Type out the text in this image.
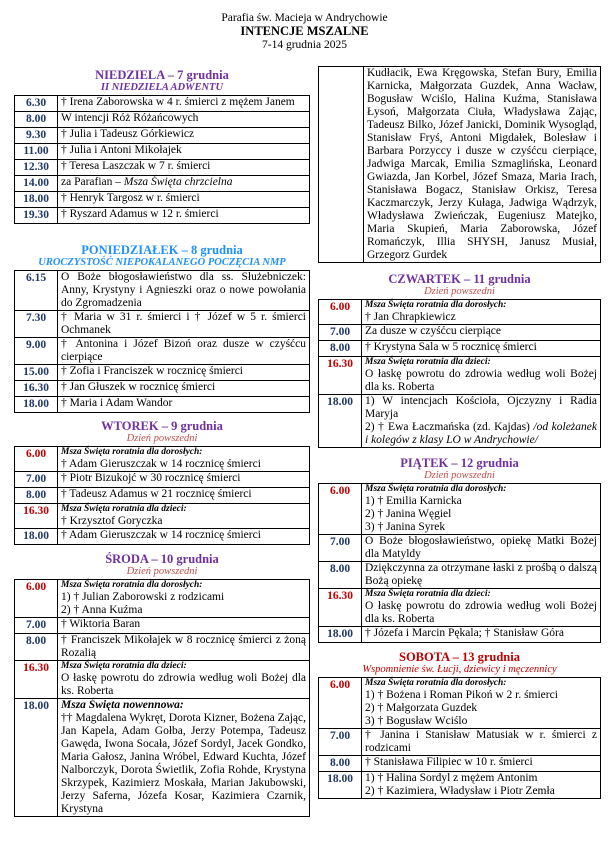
Parafia św. Macieja w Andrychowie
INTENCJE MSZALNE
7-14 grudnia 2025
NIEDZIELA – 7 grudnia
II NIEDZIELA ADWENTU
6.30	† Irena Zaborowska w 4 r. śmierci z mężem Janem
8.00	W intencji Róż Różańcowych
9.30	† Julia i Tadeusz Górkiewicz
11.00	† Julia i Antoni Mikołajek
12.30	† Teresa Laszczak w 7 r. śmierci
14.00	za Parafian – Msza Święta chrzcielna
18.00	† Henryk Targosz w r. śmierci
19.30	† Ryszard Adamus w 12 r. śmierci
PONIEDZIAŁEK – 8 grudnia
UROCZYSTOŚĆ NIEPOKALANEGO POCZĘCIA NMP
6.15	O Boże błogosławieństwo dla ss. Służebniczek: Anny, Krystyny i Agnieszki oraz o nowe powołania do Zgromadzenia
7.30	† Maria w 31 r. śmierci i † Józef w 5 r. śmierci Ochmanek
9.00	† Antonina i Józef Bizoń oraz dusze w czyśćcu cierpiące
15.00	† Zofia i Franciszek w rocznicę śmierci
16.30	† Jan Głuszek w rocznicę śmierci
18.00	† Maria i Adam Wandor
WTOREK – 9 grudnia
Dzień powszedni
6.00	Msza Święta roratnia dla dorosłych:
† Adam Gieruszczak w 14 rocznicę śmierci

7.00	† Piotr Bizukojć w 30 rocznicę śmierci
8.00	† Tadeusz Adamus w 21 rocznicę śmierci
16.30	Msza Święta roratnia dla dzieci:
† Krzysztof Goryczka

18.00	† Adam Gieruszczak w 14 rocznicę śmierci
ŚRODA – 10 grudnia
Dzień powszedni
6.00	Msza Święta roratnia dla dorosłych:
1) † Julian Zaborowski z rodzicami
2) † Anna Kuźma

7.00	† Wiktoria Baran
8.00	† Franciszek Mikołajek w 8 rocznicę śmierci z żoną Rozalią
16.30	Msza Święta roratnia dla dzieci:
O łaskę powrotu do zdrowia według woli Bożej dla ks. Roberta

18.00	Msza Święta nowennowa:
†† Magdalena Wykręt, Dorota Kizner, Bożena Zając, Jan Kapela, Adam Gołba, Jerzy Potempa, Tadeusz Gawęda, Iwona Socała, Józef Sordyl, Jacek Gondko, Maria Gałosz, Janina Wróbel, Edward Kuchta, Józef Nalborczyk, Dorota Świetlik, Zofia Rohde, Krystyna Skrzypek, Kazimierz Moskała, Marian Jakubowski, Jerzy Saferna, Józefa Kosar, Kazimiera Czarnik, Krystyna
	Kudłacik, Ewa Kręgowska, Stefan Bury, Emilia Karnicka, Małgorzata Guzdek, Anna Wacław, Bogusław Wciślo, Halina Kuźma, Stanisława Łysoń, Małgorzata Ciuła, Władysława Zając, Tadeusz Bilko, Józef Janicki, Dominik Wysogląd, Stanisław Fryś, Antoni Migdałek, Bolesław i Barbara Porzyccy i dusze w czyśćcu cierpiące, Jadwiga Marcak, Emilia Szmaglińska, Leonard Gwiazda, Jan Korbel, Józef Smaza, Maria Irach, Stanisława Bogacz, Stanisław Orkisz, Teresa Kaczmarczyk, Jerzy Kułaga, Jadwiga Wądrzyk, Władysława Zwieńczak, Eugeniusz Matejko, Maria Skupień, Maria Zaborowska, Józef Romańczyk, Illia SHYSH, Janusz Musiał, Grzegorz Gurdek
CZWARTEK – 11 grudnia
Dzień powszedni
6.00	Msza Święta roratnia dla dorosłych:
† Jan Chrapkiewicz

7.00	Za dusze w czyśćcu cierpiące
8.00	† Krystyna Sala w 5 rocznicę śmierci
16.30	Msza Święta roratnia dla dzieci:
O łaskę powrotu do zdrowia według woli Bożej dla ks. Roberta

18.00	1) W intencjach Kościoła, Ojczyzny i Radia Maryja
2) † Ewa Łaczmańska (zd. Kajdas) /od koleżanek i kolegów z klasy LO w Andrychowie/
PIĄTEK – 12 grudnia
Dzień powszedni
6.00	Msza Święta roratnia dla dorosłych:
1) † Emilia Karnicka
2) † Janina Węgiel
3) † Janina Syrek

7.00	O Boże błogosławieństwo, opiekę Matki Bożej dla Matyldy
8.00	Dziękczynna za otrzymane łaski z prośbą o dalszą Bożą opiekę
16.30	Msza Święta roratnia dla dzieci:
O łaskę powrotu do zdrowia według woli Bożej dla ks. Roberta

18.00	† Józefa i Marcin Pękala; † Stanisław Góra
SOBOTA – 13 grudnia
Wspomnienie św. Łucji, dziewicy i męczennicy
6.00	Msza Święta roratnia dla dorosłych:
1) † Bożena i Roman Pikoń w 2 r. śmierci
2) † Małgorzata Guzdek
3) † Bogusław Wciślo

7.00	† Janina i Stanisław Matusiak w r. śmierci z rodzicami
8.00	† Stanisława Filipiec w 10 r. śmierci
18.00	1) † Halina Sordyl z mężem Antonim
2) † Kazimiera, Władysław i Piotr Zemła
